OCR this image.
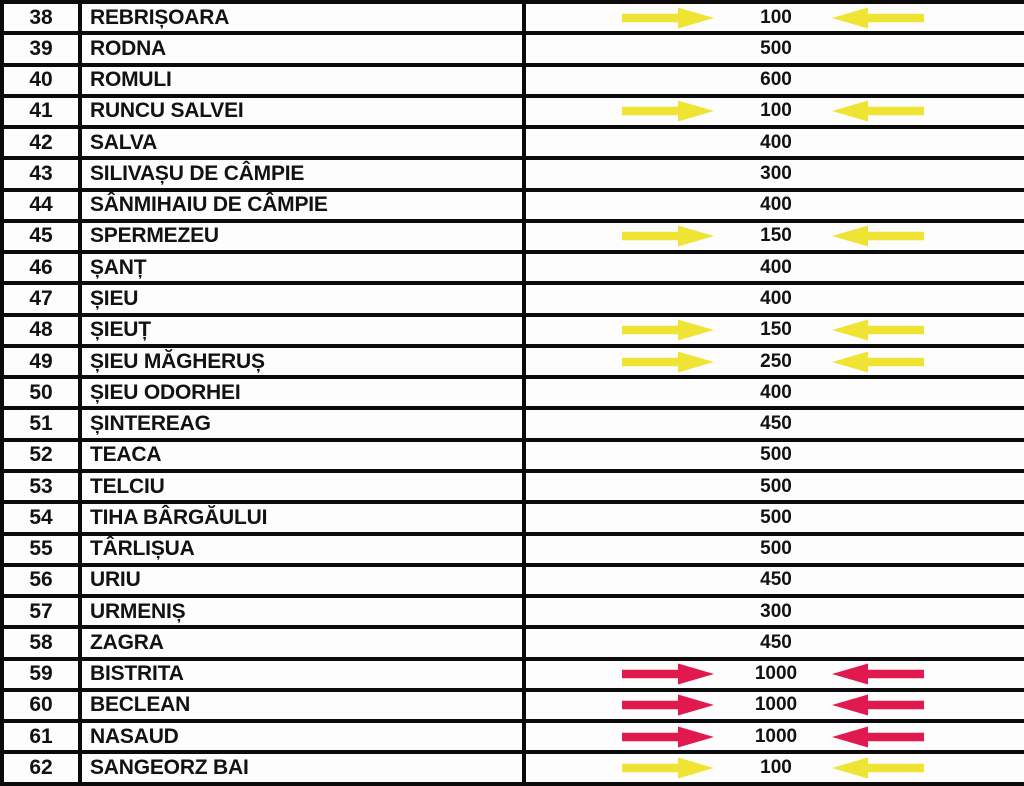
38	REBRIȘOARA	100

39	RODNA	500

40	ROMULI	600

41	RUNCU SALVEI	100

42	SALVA	400

43	SILIVAȘU DE CÂMPIE	300

44	SÂNMIHAIU DE CÂMPIE	400

45	SPERMEZEU	150

46	ȘANȚ	400

47	ȘIEU	400

48	ȘIEUȚ	150

49	ȘIEU MĂGHERUȘ	250

50	ȘIEU ODORHEI	400

51	ȘINTEREAG	450

52	TEACA	500

53	TELCIU	500

54	TIHA BÂRGĂULUI	500

55	TÂRLIȘUA	500

56	URIU	450

57	URMENIȘ	300

58	ZAGRA	450

59	BISTRITA	1000

60	BECLEAN	1000

61	NASAUD	1000

62	SANGEORZ BAI	100
